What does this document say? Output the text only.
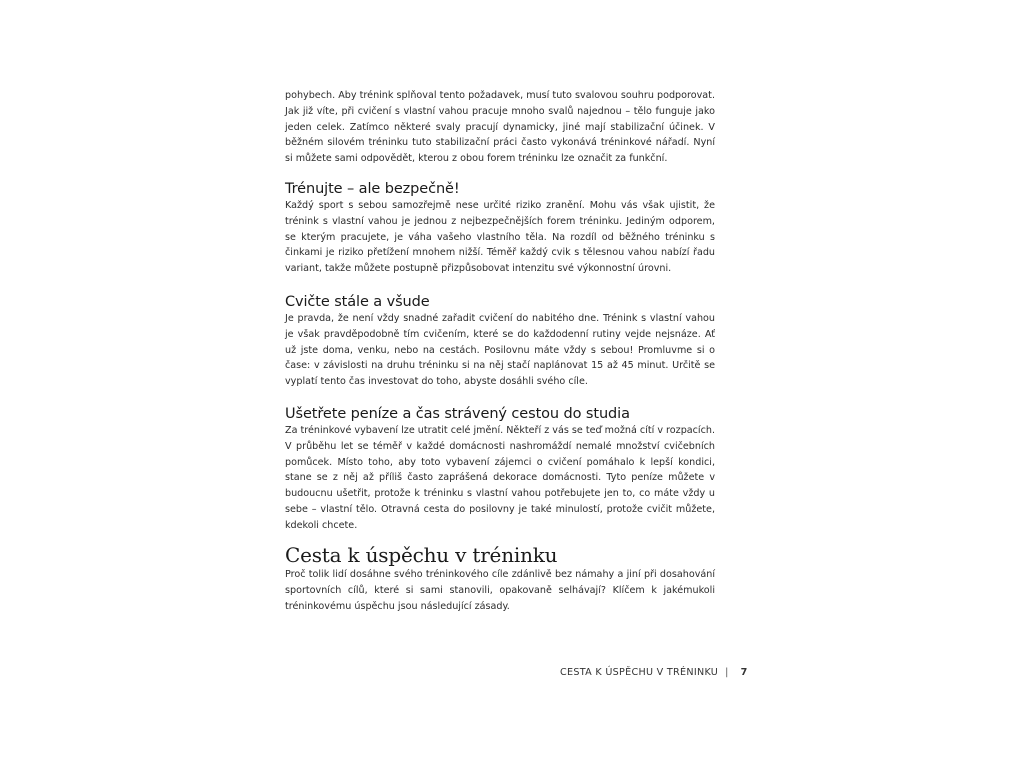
pohybech. Aby trénink splňoval tento požadavek, musí tuto svalovou souhru podporovat. Jak již víte, při cvičení s vlastní vahou pracuje mnoho svalů najednou – tělo funguje jako jeden celek. Zatímco některé svaly pracují dynamicky, jiné mají stabilizační účinek. V běžném silovém tréninku tuto stabilizační práci často vykonává tréninkové nářadí. Nyní si můžete sami odpovědět, kterou z obou forem tréninku lze označit za funkční.

Trénujte – ale bezpečně!

Každý sport s sebou samozřejmě nese určité riziko zranění. Mohu vás však ujistit, že trénink s vlastní vahou je jednou z nejbezpečnějších forem tréninku. Jediným odporem, se kterým pracujete, je váha vašeho vlastního těla. Na rozdíl od běžného tréninku s činkami je riziko přetížení mnohem nižší. Téměř každý cvik s tělesnou vahou nabízí řadu variant, takže můžete postupně přizpůsobovat intenzitu své výkonnostní úrovni.

Cvičte stále a všude

Je pravda, že není vždy snadné zařadit cvičení do nabitého dne. Trénink s vlastní vahou je však pravděpodobně tím cvičením, které se do každodenní rutiny vejde nejsnáze. Ať už jste doma, venku, nebo na cestách. Posilovnu máte vždy s sebou! Promluvme si o čase: v závislosti na druhu tréninku si na něj stačí naplánovat 15 až 45 minut. Určitě se vyplatí tento čas investovat do toho, abyste dosáhli svého cíle.

Ušetřete peníze a čas strávený cestou do studia

Za tréninkové vybavení lze utratit celé jmění. Někteří z vás se teď možná cítí v rozpacích. V průběhu let se téměř v každé domácnosti nashromáždí nemalé množství cvičebních pomůcek. Místo toho, aby toto vybavení zájemci o cvičení pomáhalo k lepší kondici, stane se z něj až příliš často zaprášená dekorace domácnosti. Tyto peníze můžete v budoucnu ušetřit, protože k tréninku s vlastní vahou potřebujete jen to, co máte vždy u sebe – vlastní tělo. Otravná cesta do posilovny je také minulostí, protože cvičit můžete, kdekoli chcete.

Cesta k úspěchu v tréninku

Proč tolik lidí dosáhne svého tréninkového cíle zdánlivě bez námahy a jiní při dosahování sportovních cílů, které si sami stanovili, opakovaně selhávají? Klíčem k jakémukoli tréninkovému úspěchu jsou následující zásady.

CESTA K ÚSPĚCHU V TRÉNINKU | 7
